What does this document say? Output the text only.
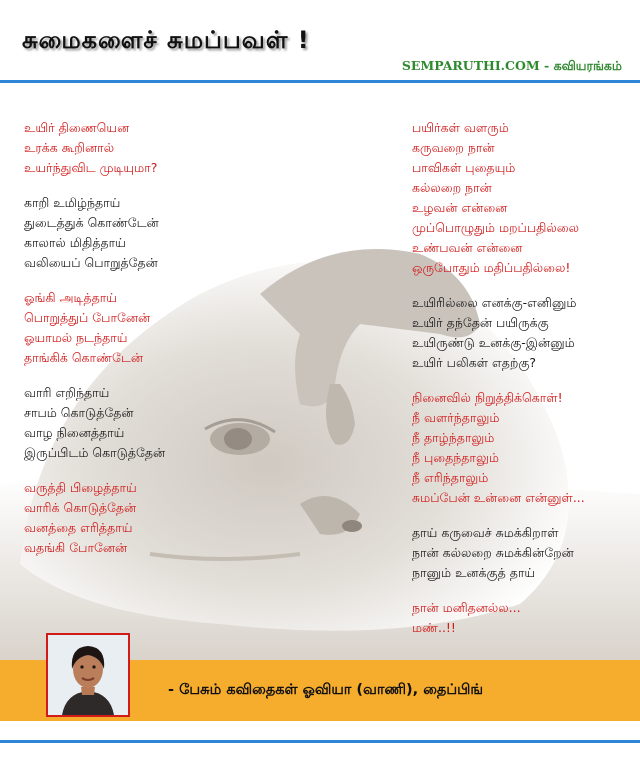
சுமைகளைச் சுமப்பவள் !
SEMPARUTHI.COM - கவியரங்கம்
உயிர் திணையென
உரக்க கூறினால்
உயர்ந்துவிட முடியுமா?
காறி உமிழ்ந்தாய்
துடைத்துக் கொண்டேன்
காலால் மிதித்தாய்
வலியைப் பொறுத்தேன்
ஓங்கி அடித்தாய்
பொறுத்துப் போனேன்
ஓயாமல் நடந்தாய்
தாங்கிக் கொண்டேன்
வாரி எறிந்தாய்
சாபம் கொடுத்தேன்
வாழ நினைத்தாய்
இருப்பிடம் கொடுத்தேன்
வருத்தி பிழைத்தாய்
வாரிக் கொடுத்தேன்
வனத்தை எரித்தாய்
வதங்கி போனேன்
பயிர்கள் வளரும்
கருவறை நான்
பாவிகள் புதையும்
கல்லறை நான்
உழவன் என்னை
முப்பொழுதும் மறப்பதில்லை
உண்பவன் என்னை
ஒருபோதும் மதிப்பதில்லை!
உயிரில்லை எனக்கு-எனினும்
உயிர் தந்தேன் பயிருக்கு
உயிருண்டு உனக்கு-இன்னும்
உயிர் பலிகள் எதற்கு?
நினைவில் நிறுத்திக்கொள்!
நீ வளர்ந்தாலும்
நீ தாழ்ந்தாலும்
நீ புதைந்தாலும்
நீ எரிந்தாலும்
சுமப்பேன் உன்னை என்னுள்...
தாய் கருவைச் சுமக்கிறாள்
நான் கல்லறை சுமக்கின்றேன்
நானும் உனக்குத் தாய்
நான் மனிதனல்ல...
மண்..!!
- பேசும் கவிதைகள் ஓவியா (வாணி), தைப்பிங்
